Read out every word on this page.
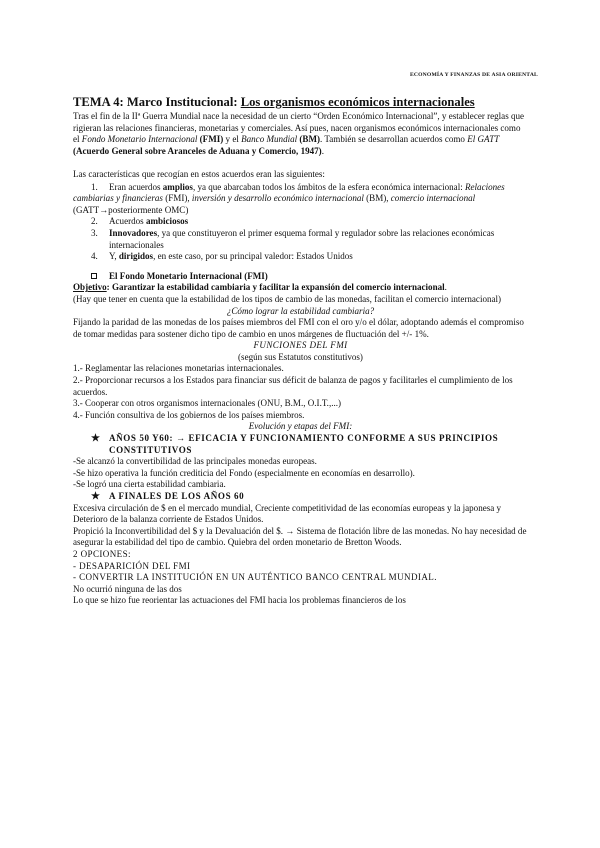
ECONOMÍA Y FINANZAS DE ASIA ORIENTAL
TEMA 4: Marco Institucional: Los organismos económicos internacionales

Tras el fin de la IIª Guerra Mundial nace la necesidad de un cierto “Orden Económico Internacional”, y establecer reglas que rigieran las relaciones financieras, monetarias y comerciales. Así pues, nacen organismos económicos internacionales como el Fondo Monetario Internacional (FMI) y el Banco Mundial (BM). También se desarrollan acuerdos como El GATT (Acuerdo General sobre Aranceles de Aduana y Comercio, 1947).

Las características que recogían en estos acuerdos eran las siguientes:

1. Eran acuerdos amplios, ya que abarcaban todos los ámbitos de la esfera económica internacional: Relaciones cambiarias y financieras (FMI), inversión y desarrollo económico internacional (BM), comercio internacional (GATT→posteriormente OMC)
2. Acuerdos ambiciosos
3. Innovadores, ya que constituyeron el primer esquema formal y regulador sobre las relaciones económicas internacionales
4. Y, dirigidos, en este caso, por su principal valedor: Estados Unidos
El Fondo Monetario Internacional (FMI)

Objetivo: Garantizar la estabilidad cambiaria y facilitar la expansión del comercio internacional.

(Hay que tener en cuenta que la estabilidad de los tipos de cambio de las monedas, facilitan el comercio internacional)

¿Cómo lograr la estabilidad cambiaria?

Fijando la paridad de las monedas de los países miembros del FMI con el oro y/o el dólar, adoptando además el compromiso de tomar medidas para sostener dicho tipo de cambio en unos márgenes de fluctuación del +/- 1%.

FUNCIONES DEL FMI

(según sus Estatutos constitutivos)

1.- Reglamentar las relaciones monetarias internacionales.

2.- Proporcionar recursos a los Estados para financiar sus déficit de balanza de pagos y facilitarles el cumplimiento de los acuerdos.

3.- Cooperar con otros organismos internacionales (ONU, B.M., O.I.T.,...)

4.- Función consultiva de los gobiernos de los países miembros.

Evolución y etapas del FMI:

★ AÑOS 50 Y60: → EFICACIA Y FUNCIONAMIENTO CONFORME A SUS PRINCIPIOS CONSTITUTIVOS

-Se alcanzó la convertibilidad de las principales monedas europeas.

-Se hizo operativa la función crediticia del Fondo (especialmente en economías en desarrollo).

-Se logró una cierta estabilidad cambiaria.

★ A FINALES DE LOS AÑOS 60

Excesiva circulación de $ en el mercado mundial, Creciente competitividad de las economías europeas y la japonesa y Deterioro de la balanza corriente de Estados Unidos.

Propició la Inconvertibilidad del $ y la Devaluación del $. → Sistema de flotación libre de las monedas. No hay necesidad de asegurar la estabilidad del tipo de cambio. Quiebra del orden monetario de Bretton Woods.

2 OPCIONES:

- DESAPARICIÓN DEL FMI

- CONVERTIR LA INSTITUCIÓN EN UN AUTÉNTICO BANCO CENTRAL MUNDIAL.

No ocurrió ninguna de las dos

Lo que se hizo fue reorientar las actuaciones del FMI hacia los problemas financieros de los
